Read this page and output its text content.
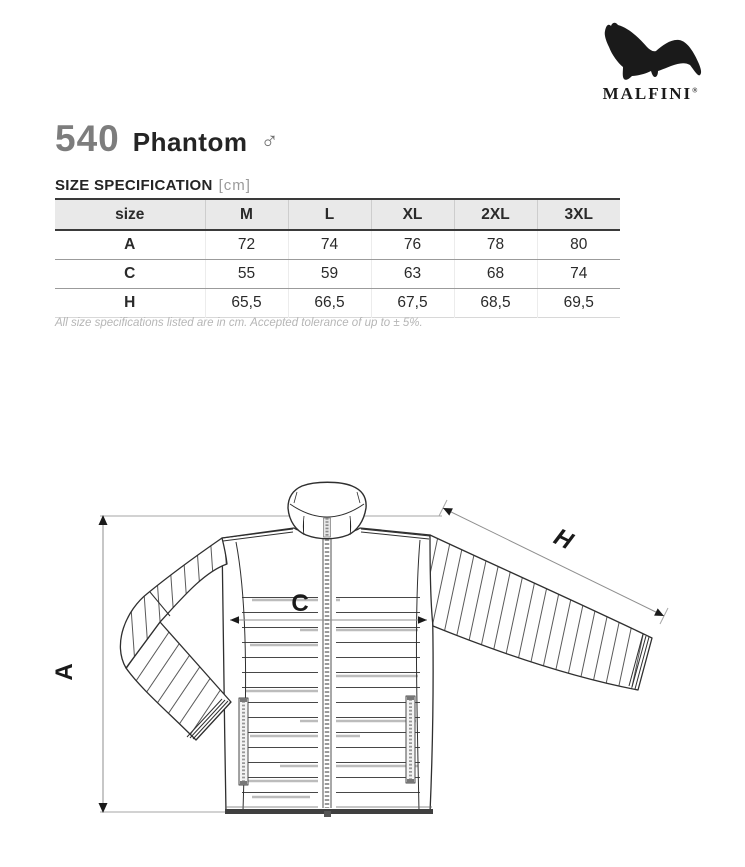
MALFINI®
540 Phantom ♂
SIZE SPECIFICATION [cm]
size	M	L	XL	2XL	3XL
A	72	74	76	78	80
C	55	59	63	68	74
H	65,5	66,5	67,5	68,5	69,5
All size specifications listed are in cm. Accepted tolerance of up to ± 5%.
A
H
C
